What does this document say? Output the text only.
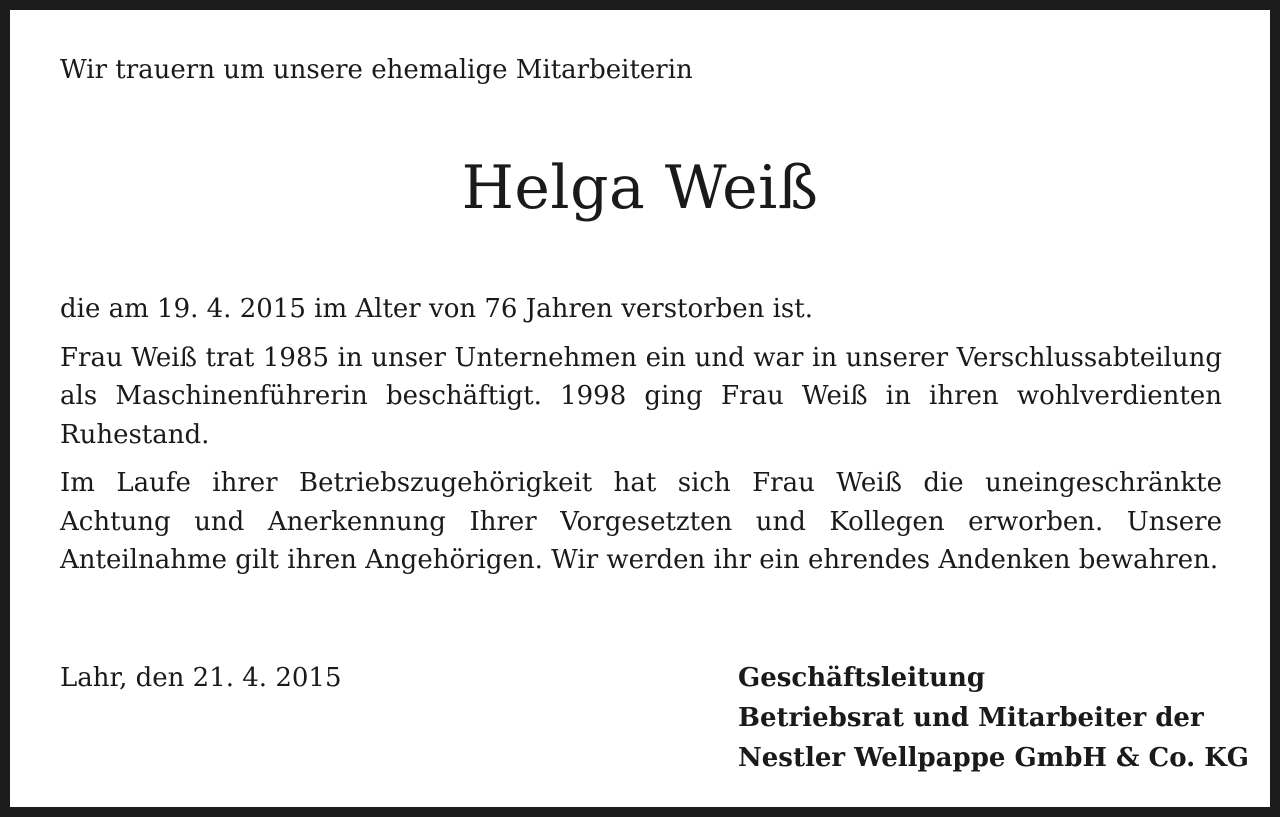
Wir trauern um unsere ehemalige Mitarbeiterin
Helga Weiß

die am 19. 4. 2015 im Alter von 76 Jahren verstorben ist.

Frau Weiß trat 1985 in unser Unternehmen ein und war in unserer Verschlussabteilung als Maschinenführerin beschäftigt. 1998 ging Frau Weiß in ihren wohlverdienten Ruhestand.

Im Laufe ihrer Betriebszugehörigkeit hat sich Frau Weiß die uneingeschränkte Achtung und Anerkennung Ihrer Vorgesetzten und Kollegen erworben. Unsere Anteilnahme gilt ihren Angehörigen. Wir werden ihr ein ehrendes Andenken bewahren.

Lahr, den 21. 4. 2015	Geschäftsleitung
Betriebsrat und Mitarbeiter der
Nestler Wellpappe GmbH & Co. KG
